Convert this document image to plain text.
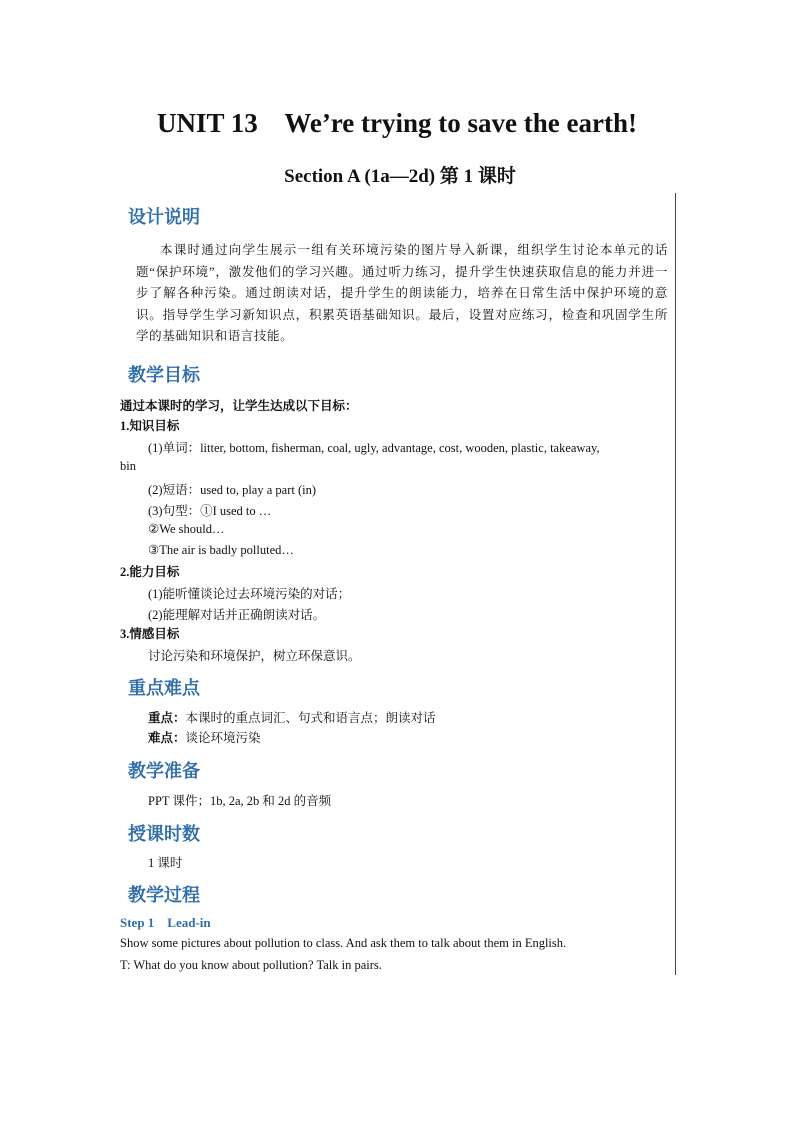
UNIT 13    We’re trying to save the earth!
Section A (1a—2d) 第 1 课时
设计说明
本课时通过向学生展示一组有关环境污染的图片导入新课，组织学生讨论本单元的话题“保护环境”，激发他们的学习兴趣。通过听力练习，提升学生快速获取信息的能力并进一步了解各种污染。通过朗读对话，提升学生的朗读能力，培养在日常生活中保护环境的意识。指导学生学习新知识点，积累英语基础知识。最后，设置对应练习，检查和巩固学生所学的基础知识和语言技能。
教学目标
通过本课时的学习，让学生达成以下目标：
1.知识目标
(1)单词：litter, bottom, fisherman, coal, ugly, advantage, cost, wooden, plastic, takeaway,
bin
(2)短语：used to, play a part (in)
(3)句型：①I used to …
②We should…
③The air is badly polluted…
2.能力目标
(1)能听懂谈论过去环境污染的对话；
(2)能理解对话并正确朗读对话。
3.情感目标
讨论污染和环境保护，树立环保意识。
重点难点
重点：本课时的重点词汇、句式和语言点；朗读对话
难点：谈论环境污染
教学准备
PPT 课件；1b, 2a, 2b 和 2d 的音频
授课时数
1 课时
教学过程
Step 1    Lead-in
Show some pictures about pollution to class. And ask them to talk about them in English.
T: What do you know about pollution? Talk in pairs.
